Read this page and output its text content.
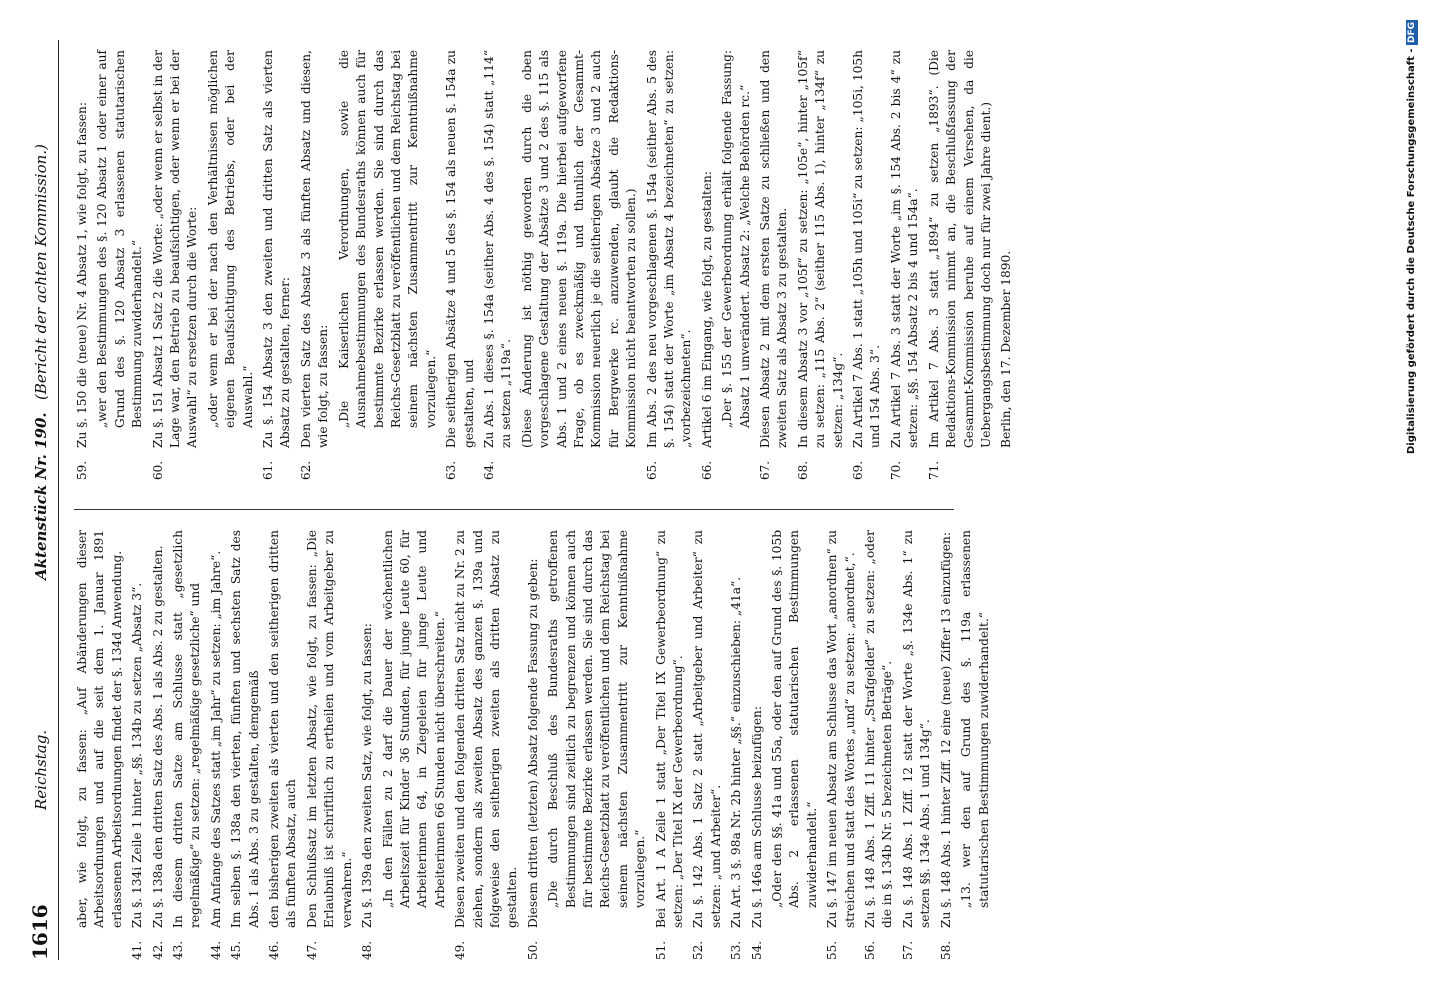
1616
Reichstag.
Aktenstück Nr. 190.
(Bericht der achten Kommission.)
aber, wie folgt, zu fassen: „Auf Abänderungen dieser Arbeitsordnungen und auf die seit dem 1. Januar 1891 erlassenen Arbeitsordnungen findet der §. 134d Anwendung.
41.
Zu §. 134i Zeile 1 hinter „§§. 134b zu setzen „Absatz 3“.
42.
Zu §. 138a den dritten Satz des Abs. 1 als Abs. 2 zu gestalten.
43.
In diesem dritten Satze am Schlusse statt „gesetzlich regelmäßige“ zu setzen: „regelmäßige gesetzliche“ und
44.
Am Anfange des Satzes statt „im Jahr“ zu setzen: „im Jahre“.
45.
Im selben §. 138a den vierten, fünften und sechsten Satz des Abs. 1 als Abs. 3 zu gestalten, demgemäß
46.
den bisherigen zweiten als vierten und den seitherigen dritten als fünften Absatz, auch
47.
Den Schlußsatz im letzten Absatz, wie folgt, zu fassen: „Die Erlaubniß ist schriftlich zu ertheilen und vom Arbeitgeber zu verwahren.“
48.
Zu §. 139a den zweiten Satz, wie folgt, zu fassen: „In den Fällen zu 2 darf die Dauer der wöchentlichen Arbeitszeit für Kinder 36 Stunden, für junge Leute 60, für Arbeiterinnen 64, in Ziegeleien für junge Leute und Arbeiterinnen 66 Stunden nicht überschreiten.“
49.
Diesen zweiten und den folgenden dritten Satz nicht zu Nr. 2 zu ziehen, sondern als zweiten Absatz des ganzen §. 139a und folgeweise den seitherigen zweiten als dritten Absatz zu gestalten.
50.
Diesem dritten (letzten) Absatz folgende Fassung zu geben: „Die durch Beschluß des Bundesraths getroffenen Bestimmungen sind zeitlich zu begrenzen und können auch für bestimmte Bezirke erlassen werden. Sie sind durch das Reichs-Gesetzblatt zu veröffentlichen und dem Reichstag bei seinem nächsten Zusammentritt zur Kenntnißnahme vorzulegen.“
51.
Bei Art. 1 A Zeile 1 statt „Der Titel IX Gewerbeordnung“ zu setzen: „Der Titel IX der Gewerbeordnung“.
52.
Zu §. 142 Abs. 1 Satz 2 statt „Arbeitgeber und Arbeiter“ zu setzen: „und Arbeiter“.
53.
Zu Art. 3 §. 98a Nr. 2b hinter „§§.“ einzuschieben: „41a“.
54.
Zu §. 146a am Schlusse beizufügen: „Oder den §§. 41a und 55a, oder den auf Grund des §. 105b Abs. 2 erlassenen statutarischen Bestimmungen zuwiderhandelt.“
55.
Zu §. 147 im neuen Absatz am Schlusse das Wort „anordnen“ zu streichen und statt des Wortes „und“ zu setzen: „anordnet,“.
56.
Zu §. 148 Abs. 1 Ziff. 11 hinter „Strafgelder“ zu setzen: „oder die in §. 134b Nr. 5 bezeichneten Beträge“.
57.
Zu §. 148 Abs. 1 Ziff. 12 statt der Worte „§. 134e Abs. 1“ zu setzen §§. 134e Abs. 1 und 134g“.
58.
Zu §. 148 Abs. 1 hinter Ziff. 12 eine (neue) Ziffer 13 einzufügen: „13. wer den auf Grund des §. 119a erlassenen statutarischen Bestimmungen zuwiderhandelt.“
59.
Zu §. 150 die (neue) Nr. 4 Absatz 1, wie folgt, zu fassen: „wer den Bestimmungen des §. 120 Absatz 1 oder einer auf Grund des §. 120 Absatz 3 erlassenen statutarischen Bestimmung zuwiderhandelt.“
60.
Zu §. 151 Absatz 1 Satz 2 die Worte: „oder wenn er selbst in der Lage war, den Betrieb zu beaufsichtigen, oder wenn er bei der Auswahl“ zu ersetzen durch die Worte: „oder wenn er bei der nach den Verhältnissen möglichen eigenen Beaufsichtigung des Betriebs, oder bei der Auswahl.“
61.
Zu §. 154 Absatz 3 den zweiten und dritten Satz als vierten Absatz zu gestalten, ferner:
62.
Den vierten Satz des Absatz 3 als fünften Absatz und diesen, wie folgt, zu fassen: „Die Kaiserlichen Verordnungen, sowie die Ausnahmebestimmungen des Bundesraths können auch für bestimmte Bezirke erlassen werden. Sie sind durch das Reichs-Gesetzblatt zu veröffentlichen und dem Reichstag bei seinem nächsten Zusammentritt zur Kenntnißnahme vorzulegen.“
63.
Die seitherigen Absätze 4 und 5 des §. 154 als neuen §. 154a zu gestalten, und
64.
Zu Abs. 1 dieses §. 154a (seither Abs. 4 des §. 154) statt „114“ zu setzen „119a“. (Diese Änderung ist nöthig geworden durch die oben vorgeschlagene Gestaltung der Absätze 3 und 2 des §. 115 als Abs. 1 und 2 eines neuen §. 119a. Die hierbei aufgeworfene Frage, ob es zweckmäßig und thunlich der Gesammt-Kommission neuerlich je die seitherigen Absätze 3 und 2 auch für Bergwerke rc. anzuwenden, glaubt die Redaktions-Kommission nicht beantworten zu sollen.)
65.
Im Abs. 2 des neu vorgeschlagenen §. 154a (seither Abs. 5 des §. 154) statt der Worte „im Absatz 4 bezeichneten“ zu setzen: „vorbezeichneten“.
66.
Artikel 6 im Eingang, wie folgt, zu gestalten: „Der §. 155 der Gewerbeordnung erhält folgende Fassung: Absatz 1 unverändert. Absatz 2: „Welche Behörden rc.“
67.
Diesen Absatz 2 mit dem ersten Satze zu schließen und den zweiten Satz als Absatz 3 zu gestalten.
68.
In diesem Absatz 3 vor „105f“ zu setzen: „105e“, hinter „105f“ zu setzen: „115 Abs. 2“ (seither 115 Abs. 1), hinter „134f“ zu setzen: „134g“.
69.
Zu Artikel 7 Abs. 1 statt „105h und 105i“ zu setzen: „105i, 105h und 154 Abs. 3“.
70.
Zu Artikel 7 Abs. 3 statt der Worte „im §. 154 Abs. 2 bis 4“ zu setzen: „§§. 154 Absatz 2 bis 4 und 154a“.
71.
Im Artikel 7 Abs. 3 statt „1894“ zu setzen „1893“. (Die Redaktions-Kommission nimmt an, die Beschlußfassung der Gesammt-Kommission beruhe auf einem Versehen, da die Uebergangsbestimmung doch nur für zwei Jahre dient.) Berlin, den 17. Dezember 1890.	Digitalisierung gefördert durch die Deutsche Forschungsgemeinschaft - DFG
